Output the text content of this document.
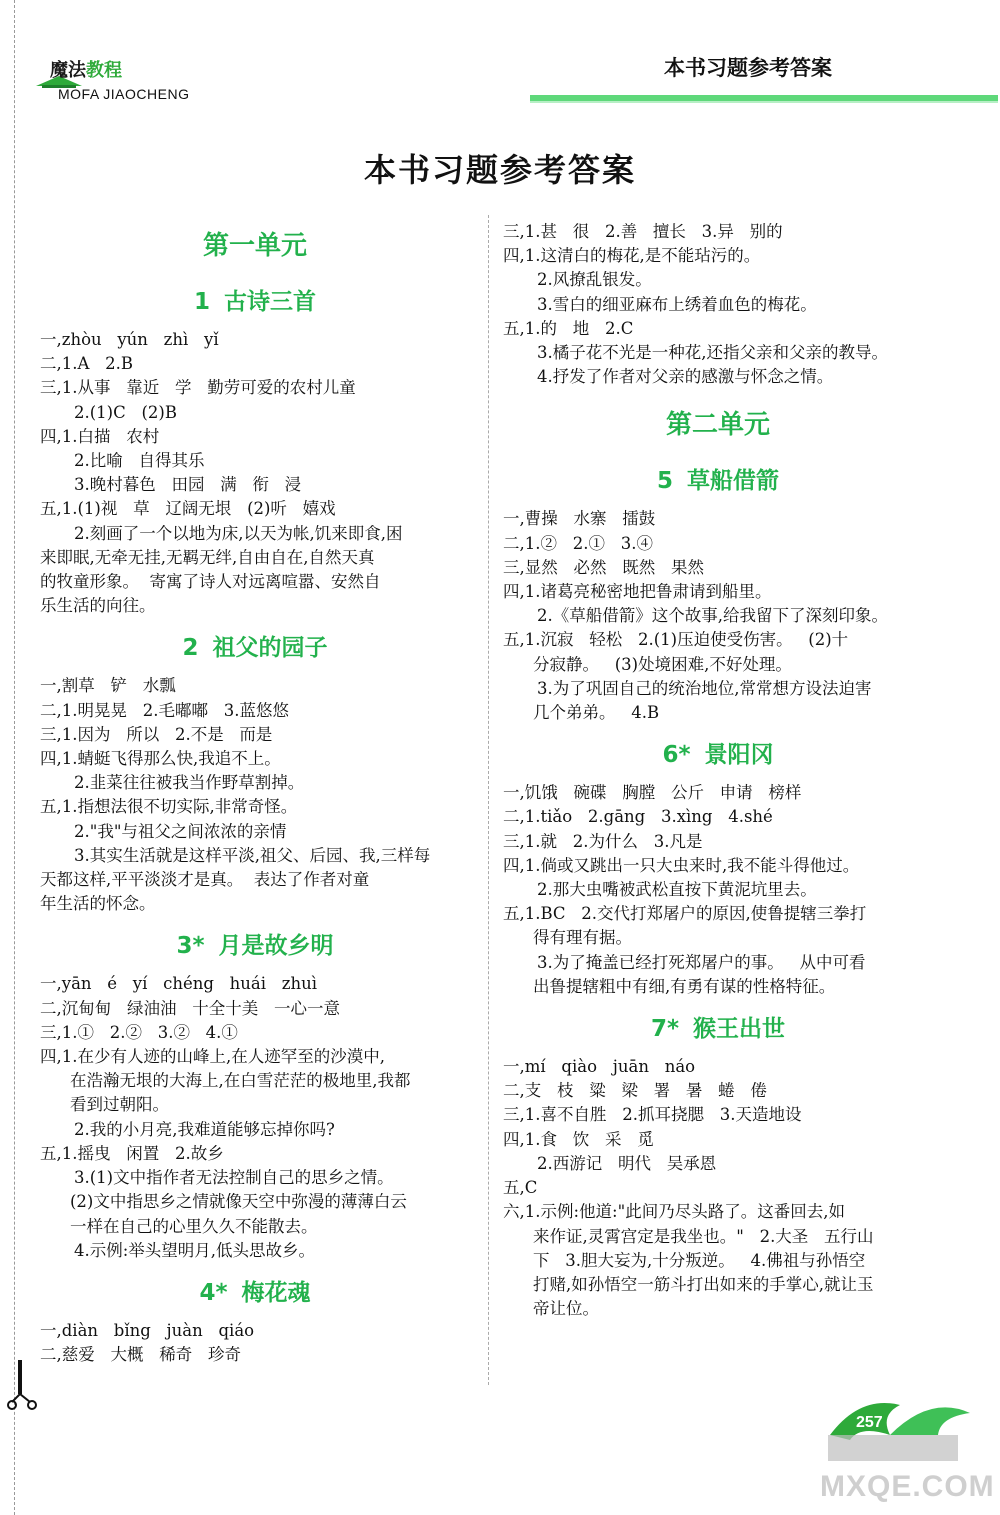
魔法教程
MOFA JIAOCHENG
本书习题参考答案
本书习题参考答案
第一单元
1 古诗三首
一,zhòu   yún   zhì   yǐ
二,1.A   2.B
三,1.从事   靠近   学   勤劳可爱的农村儿童
2.(1)C   (2)B
四,1.白描   农村
2.比喻   自得其乐
3.晚村暮色   田园   满   衔   浸
五,1.(1)视   草   辽阔无垠   (2)听   嬉戏
2.刻画了一个以地为床,以天为帐,饥来即食,困
来即眠,无牵无挂,无羁无绊,自由自在,自然天真
的牧童形象。  寄寓了诗人对远离喧嚣、安然自
乐生活的向往。
2 祖父的园子
一,割草   铲   水瓢
二,1.明晃晃   2.毛嘟嘟   3.蓝悠悠
三,1.因为   所以   2.不是   而是
四,1.蜻蜓飞得那么快,我追不上。
2.韭菜往往被我当作野草割掉。
五,1.指想法很不切实际,非常奇怪。
2."我"与祖父之间浓浓的亲情
3.其实生活就是这样平淡,祖父、后园、我,三样每
天都这样,平平淡淡才是真。  表达了作者对童
年生活的怀念。
3* 月是故乡明
一,yān   é   yí   chéng   huái   zhuì
二,沉甸甸   绿油油   十全十美   一心一意
三,1.①   2.②   3.②   4.①
四,1.在少有人迹的山峰上,在人迹罕至的沙漠中,
在浩瀚无垠的大海上,在白雪茫茫的极地里,我都
看到过朝阳。
2.我的小月亮,我难道能够忘掉你吗?
五,1.摇曳   闲置   2.故乡
3.(1)文中指作者无法控制自己的思乡之情。
(2)文中指思乡之情就像天空中弥漫的薄薄白云
一样在自己的心里久久不能散去。
4.示例:举头望明月,低头思故乡。
4* 梅花魂
一,diàn   bǐng   juàn   qiáo
二,慈爱   大概   稀奇   珍奇
三,1.甚   很   2.善   擅长   3.异   别的
四,1.这清白的梅花,是不能玷污的。
2.风撩乱银发。
3.雪白的细亚麻布上绣着血色的梅花。
五,1.的   地   2.C
3.橘子花不光是一种花,还指父亲和父亲的教导。
4.抒发了作者对父亲的感激与怀念之情。
第二单元
5 草船借箭
一,曹操   水寨   擂鼓
二,1.②   2.①   3.④
三,显然   必然   既然   果然
四,1.诸葛亮秘密地把鲁肃请到船里。
2.《草船借箭》这个故事,给我留下了深刻印象。
五,1.沉寂   轻松   2.(1)压迫使受伤害。   (2)十
分寂静。   (3)处境困难,不好处理。
3.为了巩固自己的统治地位,常常想方设法迫害
几个弟弟。   4.B
6* 景阳冈
一,饥饿   碗碟   胸膛   公斤   申请   榜样
二,1.tiǎo   2.gāng   3.xìng   4.shé
三,1.就   2.为什么   3.凡是
四,1.倘或又跳出一只大虫来时,我不能斗得他过。
2.那大虫嘴被武松直按下黄泥坑里去。
五,1.BC   2.交代打郑屠户的原因,使鲁提辖三拳打
得有理有据。
3.为了掩盖已经打死郑屠户的事。   从中可看
出鲁提辖粗中有细,有勇有谋的性格特征。
7* 猴王出世
一,mí   qiào   juān   náo
二,支   枝   粱   梁   署   暑   蜷   倦
三,1.喜不自胜   2.抓耳挠腮   3.天造地设
四,1.食   饮   采   觅
2.西游记   明代   吴承恩
五,C
六,1.示例:他道:"此间乃尽头路了。这番回去,如
来作证,灵霄宫定是我坐也。"   2.大圣   五行山
下   3.胆大妄为,十分叛逆。   4.佛祖与孙悟空
打赌,如孙悟空一筋斗打出如来的手掌心,就让玉
帝让位。
257
MXQE.COM
